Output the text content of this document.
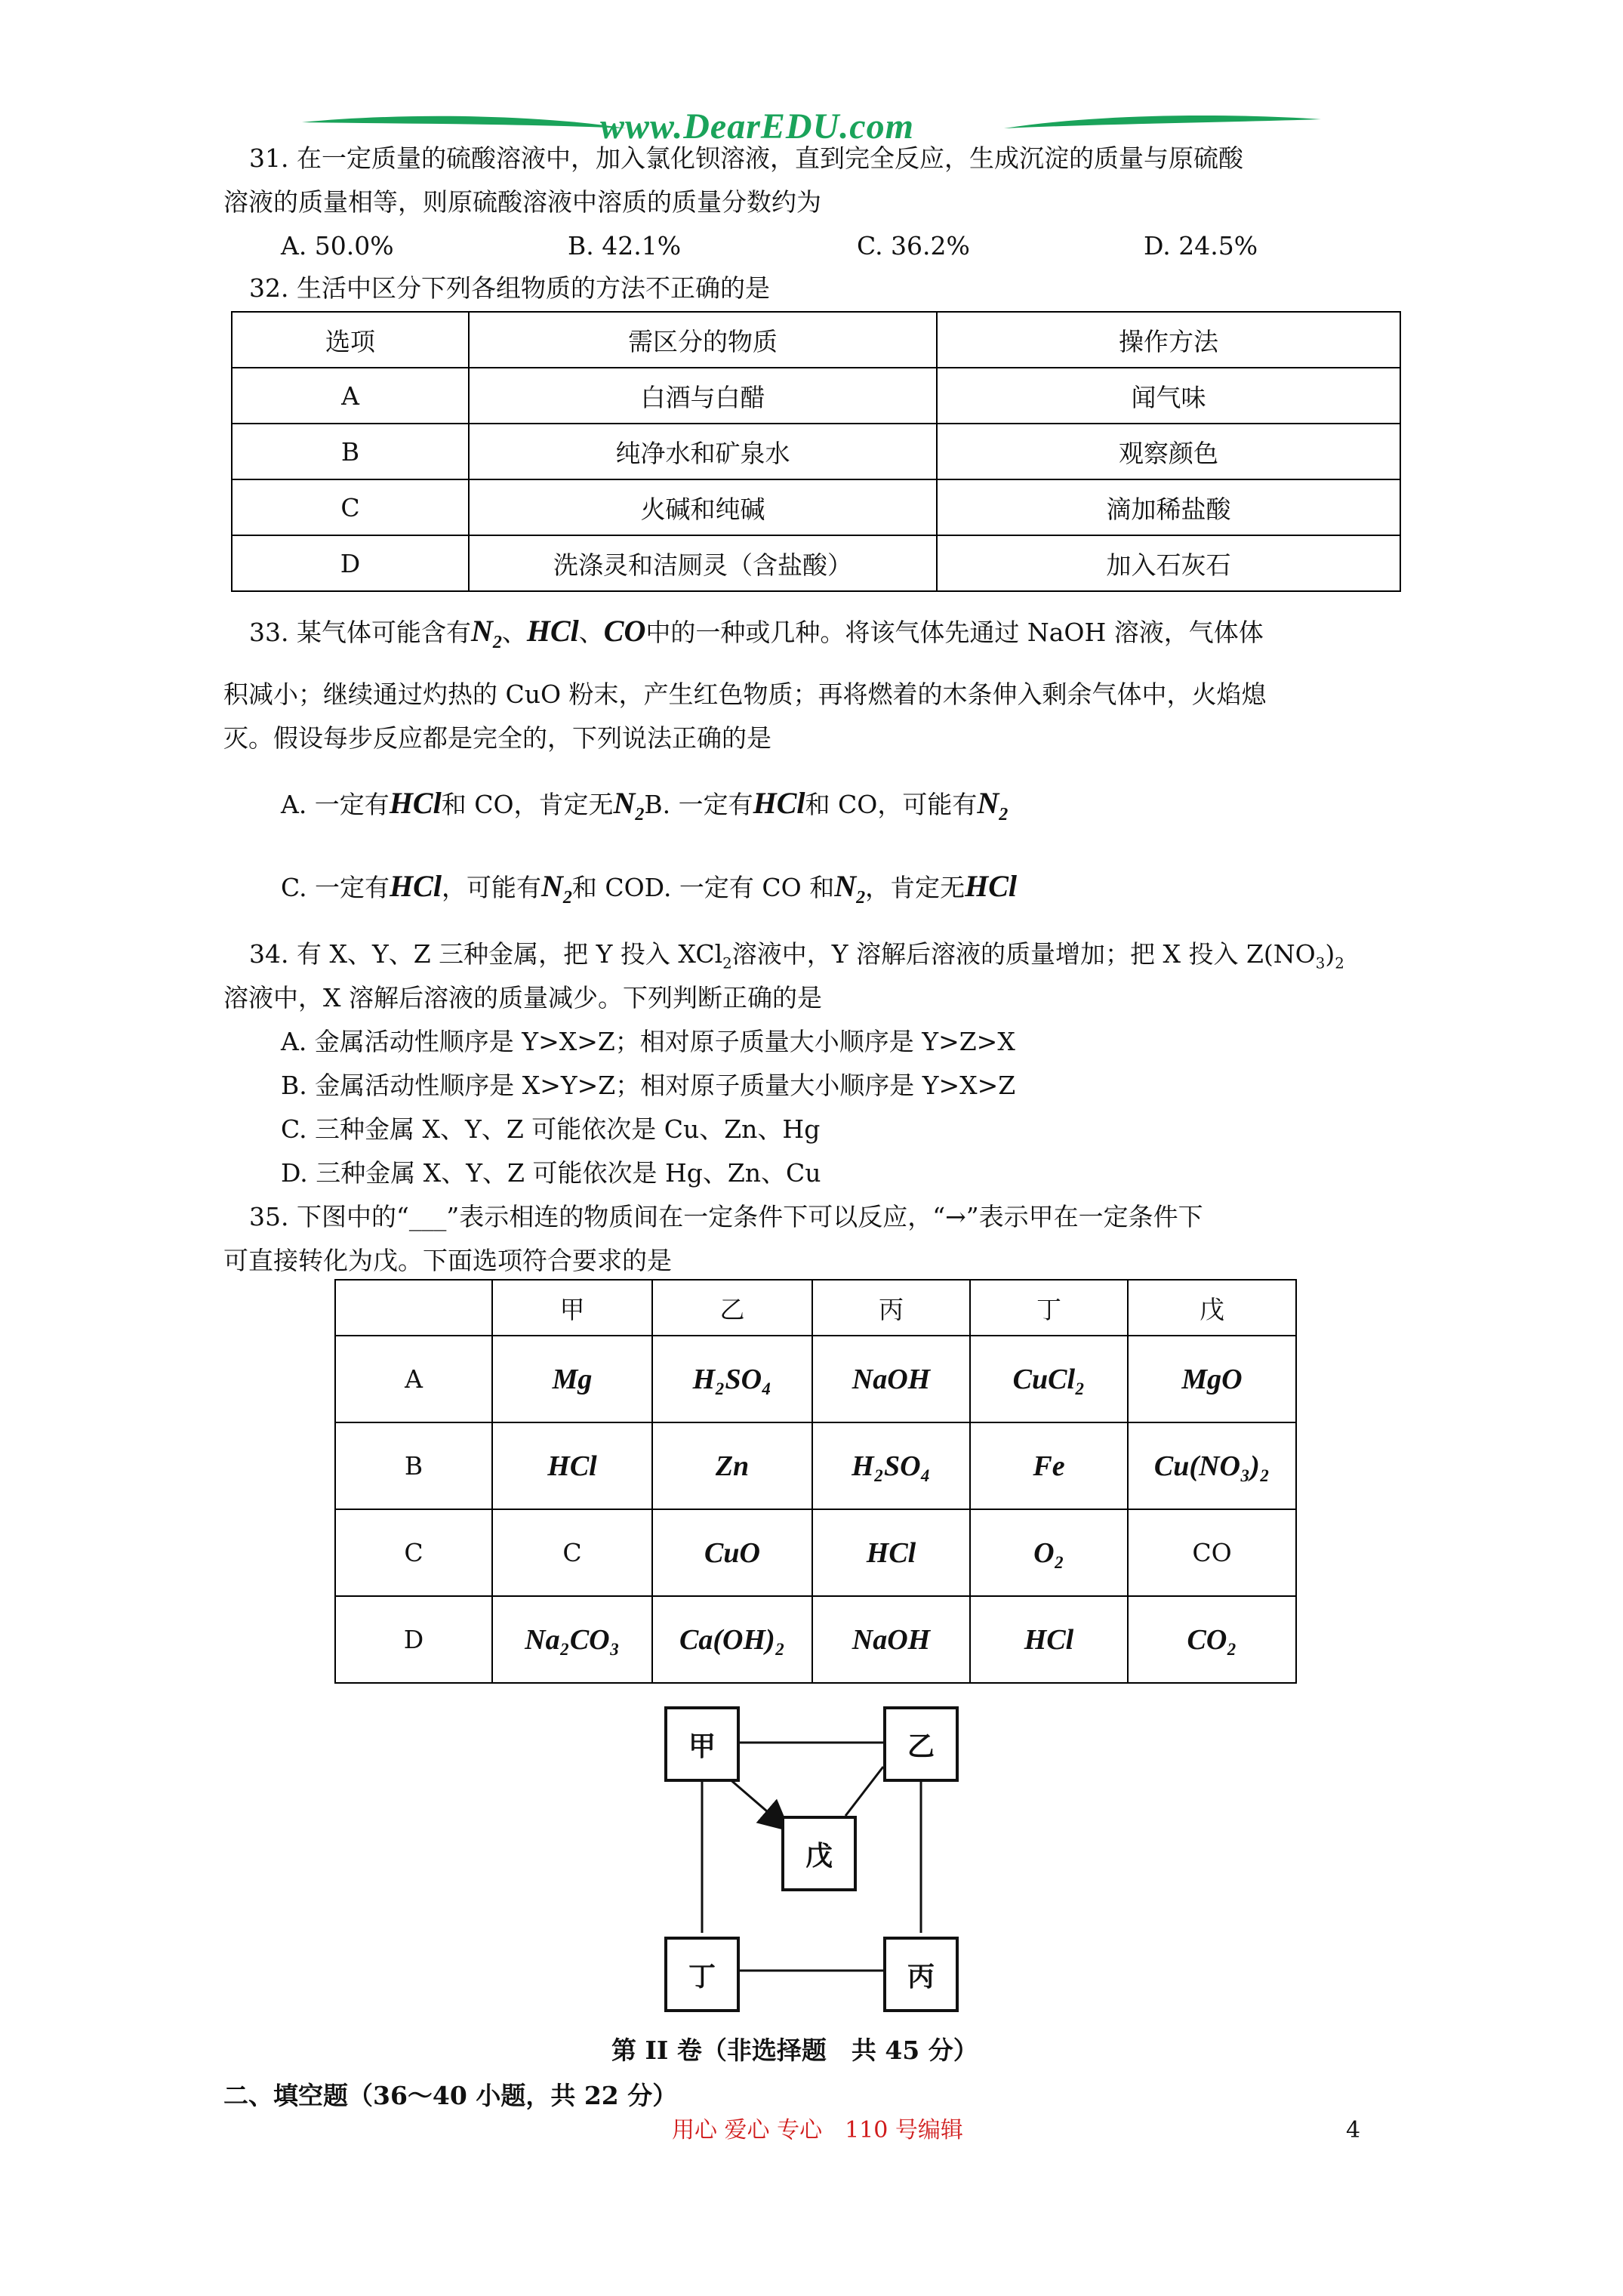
www.DearEDU.com
31. 在一定质量的硫酸溶液中，加入氯化钡溶液，直到完全反应，生成沉淀的质量与原硫酸
溶液的质量相等，则原硫酸溶液中溶质的质量分数约为
A. 50.0%	B. 42.1%	C. 36.2%	D. 24.5%
32. 生活中区分下列各组物质的方法不正确的是
选项	需区分的物质	操作方法
A	白酒与白醋	闻气味
B	纯净水和矿泉水	观察颜色
C	火碱和纯碱	滴加稀盐酸
D	洗涤灵和洁厕灵（含盐酸）	加入石灰石
33. 某气体可能含有$N_2$、HCl、CO中的一种或几种。将该气体先通过 NaOH 溶液，气体体
积减小；继续通过灼热的 CuO 粉末，产生红色物质；再将燃着的木条伸入剩余气体中，火焰熄
灭。假设每步反应都是完全的，下列说法正确的是
A. 一定有HCl和 CO，肯定无$N_2B$. 一定有HCl和 CO，可能有$N_2$
C. 一定有HCl，可能有$N_2$和 COD. 一定有 CO 和$N_2$，肯定无HCl
34. 有 X、Y、Z 三种金属，把 Y 投入 XCl$_2$溶液中，Y 溶解后溶液的质量增加；把 X 投入 $Z(NO_3)_2$
溶液中，X 溶解后溶液的质量减少。下列判断正确的是
A. 金属活动性顺序是 Y>X>Z；相对原子质量大小顺序是 Y>Z>X
B. 金属活动性顺序是 X>Y>Z；相对原子质量大小顺序是 Y>X>Z
C. 三种金属 X、Y、Z 可能依次是 Cu、Zn、Hg
D. 三种金属 X、Y、Z 可能依次是 Hg、Zn、Cu
35. 下图中的“___”表示相连的物质间在一定条件下可以反应，“→”表示甲在一定条件下
可直接转化为戊。下面选项符合要求的是
	甲	乙	丙	丁	戊
A	Mg	H₂SO₄	NaOH	CuCl₂	MgO
B	HCl	Zn	H₂SO₄	Fe	Cu(NO₃)₂
C	C	CuO	HCl	O₂	CO
D	Na₂CO₃	Ca(OH)₂	NaOH	HCl	CO₂
甲	乙
戊
丁	丙
第 II 卷（非选择题　共 45 分）
二、填空题（36～40 小题，共 22 分）
用心 爱心 专心　110 号编辑	4
